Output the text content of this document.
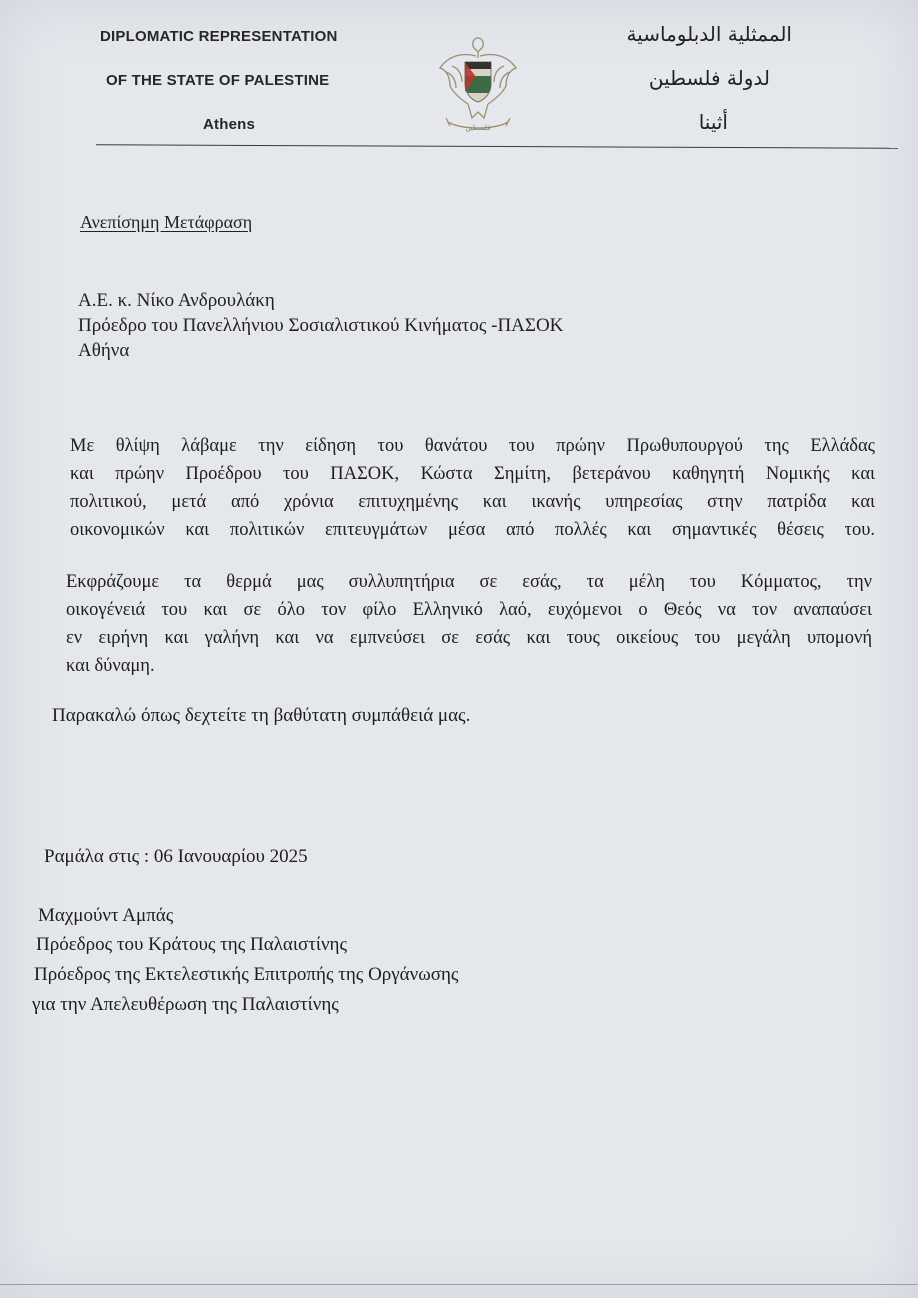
DIPLOMATIC REPRESENTATION
OF THE STATE OF PALESTINE
Athens	فلسطين
الممثلية الدبلوماسية
لدولة فلسطين
أثينا
Ανεπίσημη Μετάφραση
Α.Ε. κ. Νίκο Ανδρουλάκη
Πρόεδρο του Πανελλήνιου Σοσιαλιστικού Κινήματος -ΠΑΣΟΚ
Αθήνα
Με θλίψη λάβαμε την είδηση του θανάτου του πρώην Πρωθυπουργού της Ελλάδας
και πρώην Προέδρου του ΠΑΣΟΚ, Κώστα Σημίτη, βετεράνου καθηγητή Νομικής και
πολιτικού, μετά από χρόνια επιτυχημένης και ικανής υπηρεσίας στην πατρίδα και
οικονομικών και πολιτικών επιτευγμάτων μέσα από πολλές και σημαντικές θέσεις του.
Εκφράζουμε τα θερμά μας συλλυπητήρια σε εσάς, τα μέλη του Κόμματος, την
οικογένειά του και σε όλο τον φίλο Ελληνικό λαό, ευχόμενοι ο Θεός να τον αναπαύσει
εν ειρήνη και γαλήνη και να εμπνεύσει σε εσάς και τους οικείους του μεγάλη υπομονή
και δύναμη.
Παρακαλώ όπως δεχτείτε τη βαθύτατη συμπάθειά μας.
Ραμάλα στις : 06 Ιανουαρίου 2025
Μαχμούντ Αμπάς
Πρόεδρος του Κράτους της Παλαιστίνης
Πρόεδρος της Εκτελεστικής Επιτροπής της Οργάνωσης
για την Απελευθέρωση της Παλαιστίνης
